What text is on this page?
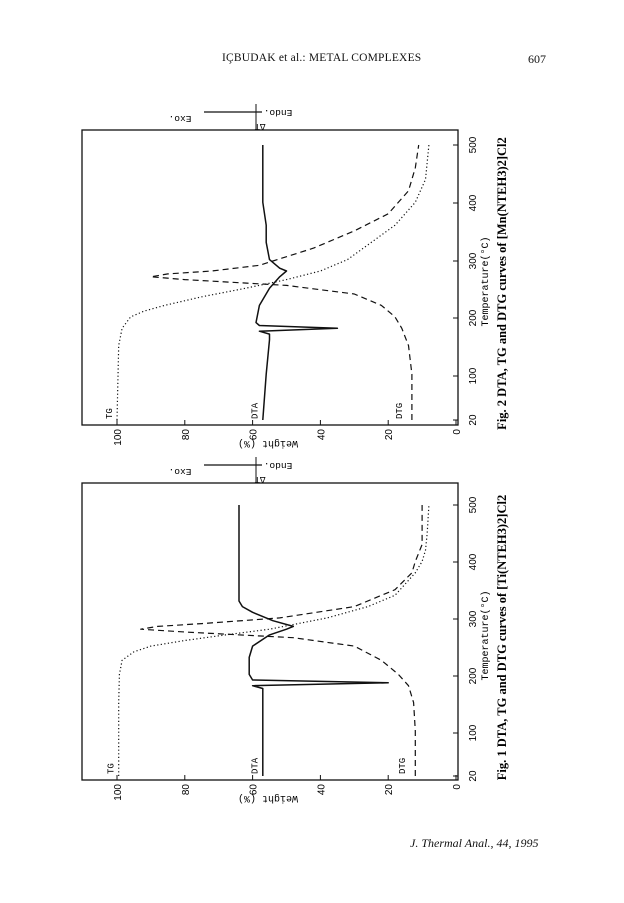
IÇBUDAK et al.: METAL COMPLEXES	607
0
20
40
60
80
100
20
100
200
300
400
500
Weight (%)
Temperature(°C) Fig. 1 DTA, TG and DTG curves of [Ti(NTEH3)2]Cl2
Exo.
Endo.
ΔT
TG	DTA	DTG
0
20
40
60
80
100
20
100
200
300
400
500
Weight (%)
Temperature(°C) Fig. 2 DTA, TG and DTG curves of [Mn(NTEH3)2]Cl2
Exo.
Endo.
ΔT
TG	DTA	DTG
J. Thermal Anal., 44, 1995
